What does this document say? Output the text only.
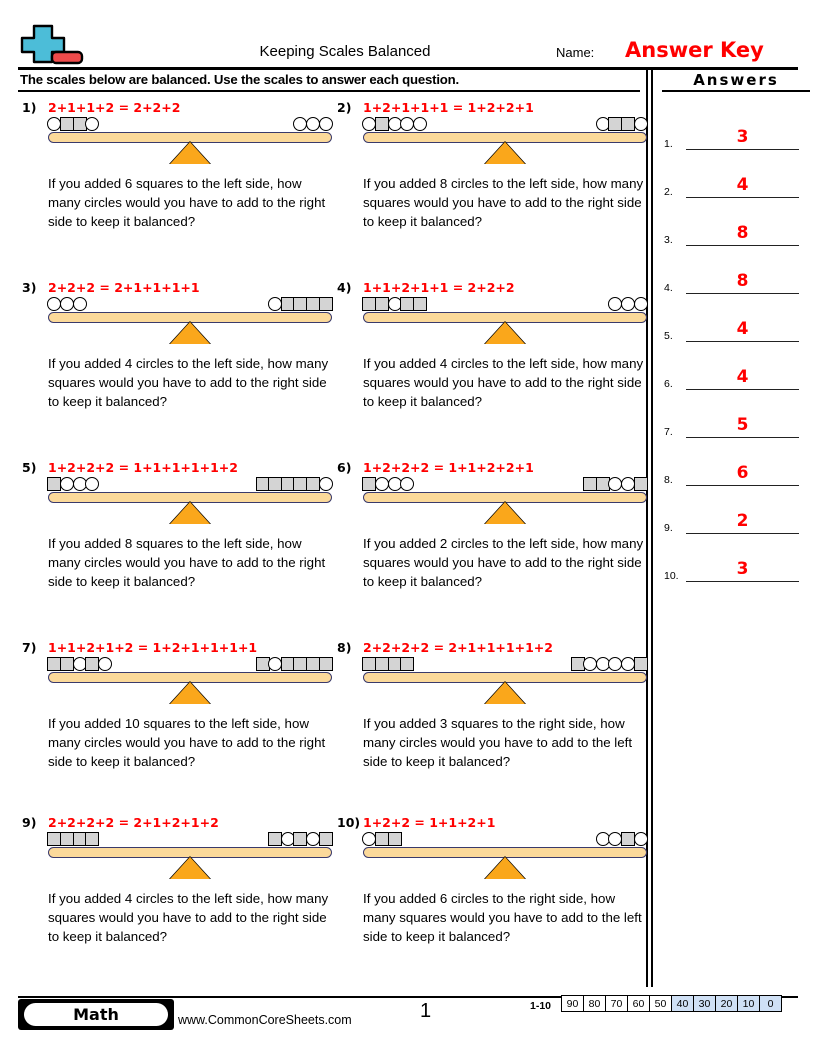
Keeping Scales Balanced	Name: Answer Key
The scales below are balanced. Use the scales to answer each question.	Answers
1.	3
2.	4
3.	8
4.	8
5.	4
6.	4
7.	5
8.	6
9.	2
10.	3
1) 2+1+1+2 = 2+2+2
If you added 6 squares to the left side, how many circles would you have to add to the right side to keep it balanced?
2) 1+2+1+1+1 = 1+2+2+1
If you added 8 circles to the left side, how many squares would you have to add to the right side to keep it balanced?
3) 2+2+2 = 2+1+1+1+1
If you added 4 circles to the left side, how many squares would you have to add to the right side to keep it balanced?
4) 1+1+2+1+1 = 2+2+2
If you added 4 circles to the left side, how many squares would you have to add to the right side to keep it balanced?
5) 1+2+2+2 = 1+1+1+1+1+2
If you added 8 squares to the left side, how many circles would you have to add to the right side to keep it balanced?
6) 1+2+2+2 = 1+1+2+2+1
If you added 2 circles to the left side, how many squares would you have to add to the right side to keep it balanced?
7) 1+1+2+1+2 = 1+2+1+1+1+1
If you added 10 squares to the left side, how many circles would you have to add to the right side to keep it balanced?
8) 2+2+2+2 = 2+1+1+1+1+2
If you added 3 squares to the right side, how many circles would you have to add to the left side to keep it balanced?
9) 2+2+2+2 = 2+1+2+1+2
If you added 4 circles to the left side, how many squares would you have to add to the right side to keep it balanced?
10) 1+2+2 = 1+1+2+1
If you added 6 circles to the right side, how many squares would you have to add to the left side to keep it balanced?
Math	www.CommonCoreSheets.com	1	1-10	90 80 70 60 50 40 30 20 10	0
